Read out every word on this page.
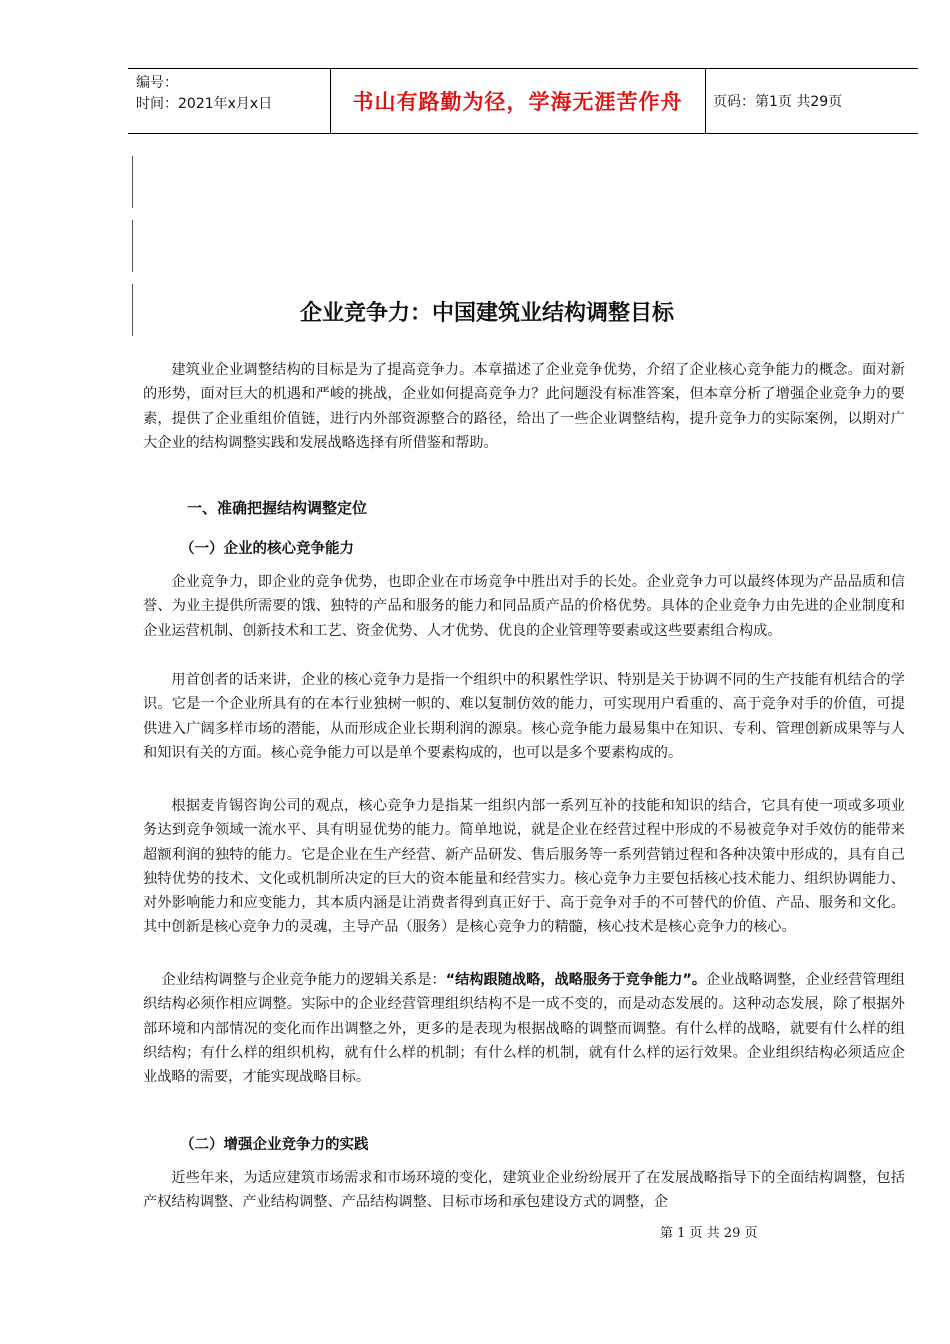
编号：
时间：2021年x月x日	书山有路勤为径，学海无涯苦作舟	页码：第1页 共29页
企业竞争力：中国建筑业结构调整目标

建筑业企业调整结构的目标是为了提高竞争力。本章描述了企业竞争优势，介绍了企业核心竞争能力的概念。面对新的形势，面对巨大的机遇和严峻的挑战，企业如何提高竞争力？此问题没有标准答案，但本章分析了增强企业竞争力的要素，提供了企业重组价值链，进行内外部资源整合的路径，给出了一些企业调整结构，提升竞争力的实际案例，以期对广大企业的结构调整实践和发展战略选择有所借鉴和帮助。

一、准确把握结构调整定位
（一）企业的核心竞争能力

企业竞争力，即企业的竞争优势，也即企业在市场竞争中胜出对手的长处。企业竞争力可以最终体现为产品品质和信誉、为业主提供所需要的饿、独特的产品和服务的能力和同品质产品的价格优势。具体的企业竞争力由先进的企业制度和企业运营机制、创新技术和工艺、资金优势、人才优势、优良的企业管理等要素或这些要素组合构成。

用首创者的话来讲，企业的核心竞争力是指一个组织中的积累性学识、特别是关于协调不同的生产技能有机结合的学识。它是一个企业所具有的在本行业独树一帜的、难以复制仿效的能力，可实现用户看重的、高于竞争对手的价值，可提供进入广阔多样市场的潜能，从而形成企业长期利润的源泉。核心竞争能力最易集中在知识、专利、管理创新成果等与人和知识有关的方面。核心竞争能力可以是单个要素构成的，也可以是多个要素构成的。

根据麦肯锡咨询公司的观点，核心竞争力是指某一组织内部一系列互补的技能和知识的结合，它具有使一项或多项业务达到竞争领域一流水平、具有明显优势的能力。简单地说，就是企业在经营过程中形成的不易被竞争对手效仿的能带来超额利润的独特的能力。它是企业在生产经营、新产品研发、售后服务等一系列营销过程和各种决策中形成的，具有自己独特优势的技术、文化或机制所决定的巨大的资本能量和经营实力。核心竞争力主要包括核心技术能力、组织协调能力、对外影响能力和应变能力，其本质内涵是让消费者得到真正好于、高于竞争对手的不可替代的价值、产品、服务和文化。其中创新是核心竞争力的灵魂，主导产品（服务）是核心竞争力的精髓，核心技术是核心竞争力的核心。

企业结构调整与企业竞争能力的逻辑关系是：“结构跟随战略，战略服务于竞争能力”。企业战略调整，企业经营管理组织结构必须作相应调整。实际中的企业经营管理组织结构不是一成不变的，而是动态发展的。这种动态发展，除了根据外部环境和内部情况的变化而作出调整之外，更多的是表现为根据战略的调整而调整。有什么样的战略，就要有什么样的组织结构；有什么样的组织机构，就有什么样的机制；有什么样的机制，就有什么样的运行效果。企业组织结构必须适应企业战略的需要，才能实现战略目标。

（二）增强企业竞争力的实践

近些年来，为适应建筑市场需求和市场环境的变化，建筑业企业纷纷展开了在发展战略指导下的全面结构调整，包括产权结构调整、产业结构调整、产品结构调整、目标市场和承包建设方式的调整，企

第 1 页 共 29 页
